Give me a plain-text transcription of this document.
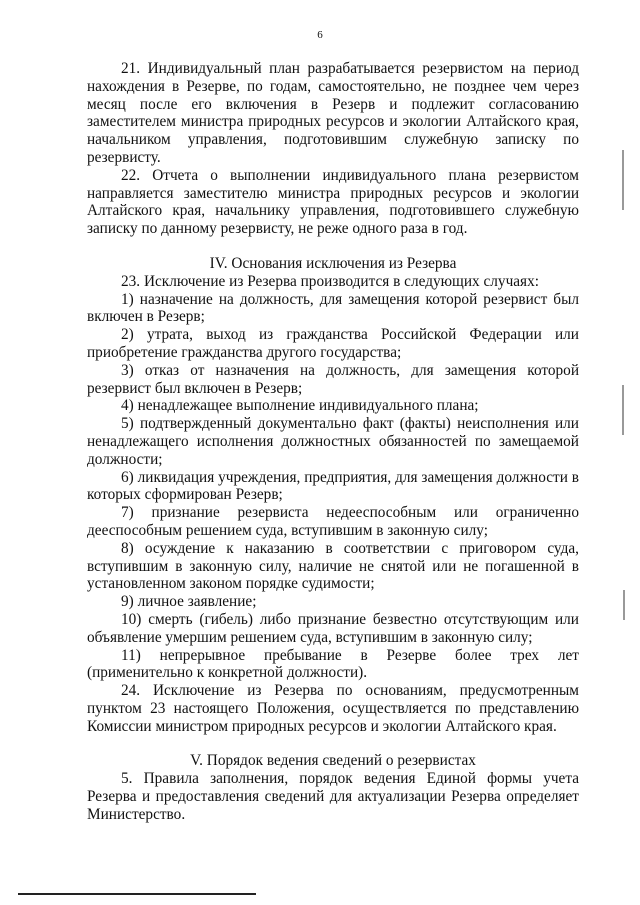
6

21. Индивидуальный план разрабатывается резервистом на период нахождения в Резерве, по годам, самостоятельно, не позднее чем через месяц после его включения в Резерв и подлежит согласованию заместителем министра природных ресурсов и экологии Алтайского края, начальником управления, подготовившим служебную записку по резервисту.

22. Отчета о выполнении индивидуального плана резервистом направляется заместителю министра природных ресурсов и экологии Алтайского края, начальнику управления, подготовившего служебную записку по данному резервисту, не реже одного раза в год.

IV. Основания исключения из Резерва

23. Исключение из Резерва производится в следующих случаях:

1) назначение на должность, для замещения которой резервист был включен в Резерв;

2) утрата, выход из гражданства Российской Федерации или приобретение гражданства другого государства;

3) отказ от назначения на должность, для замещения которой резервист был включен в Резерв;

4) ненадлежащее выполнение индивидуального плана;

5) подтвержденный документально факт (факты) неисполнения или ненадлежащего исполнения должностных обязанностей по замещаемой должности;

6) ликвидация учреждения, предприятия, для замещения должности в которых сформирован Резерв;

7) признание резервиста недееспособным или ограниченно дееспособным решением суда, вступившим в законную силу;

8) осуждение к наказанию в соответствии с приговором суда, вступившим в законную силу, наличие не снятой или не погашенной в установленном законом порядке судимости;

9) личное заявление;

10) смерть (гибель) либо признание безвестно отсутствующим или объявление умершим решением суда, вступившим в законную силу;

11) непрерывное пребывание в Резерве более трех лет (применительно к конкретной должности).

24. Исключение из Резерва по основаниям, предусмотренным пунктом 23 настоящего Положения, осуществляется по представлению Комиссии министром природных ресурсов и экологии Алтайского края.

V. Порядок ведения сведений о резервистах

5. Правила заполнения, порядок ведения Единой формы учета Резерва и предоставления сведений для актуализации Резерва определяет Министерство.
